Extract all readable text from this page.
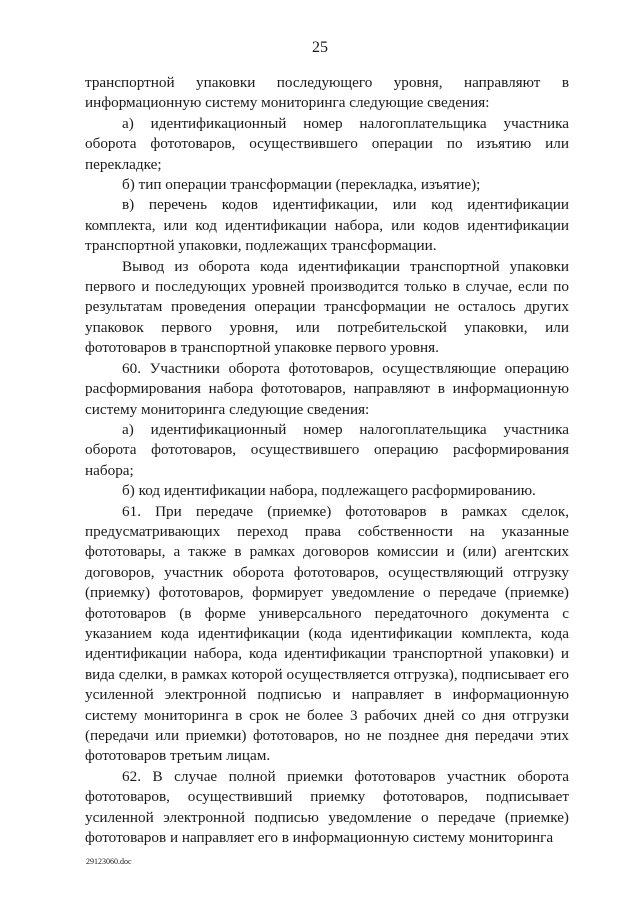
25

транспортной упаковки последующего уровня, направляют в информационную систему мониторинга следующие сведения:

а) идентификационный номер налогоплательщика участника оборота фототоваров, осуществившего операции по изъятию или перекладке;

б) тип операции трансформации (перекладка, изъятие);

в) перечень кодов идентификации, или код идентификации комплекта, или код идентификации набора, или кодов идентификации транспортной упаковки, подлежащих трансформации.

Вывод из оборота кода идентификации транспортной упаковки первого и последующих уровней производится только в случае, если по результатам проведения операции трансформации не осталось других упаковок первого уровня, или потребительской упаковки, или фототоваров в транспортной упаковке первого уровня.

60. Участники оборота фототоваров, осуществляющие операцию расформирования набора фототоваров, направляют в информационную систему мониторинга следующие сведения:

а) идентификационный номер налогоплательщика участника оборота фототоваров, осуществившего операцию расформирования набора;

б) код идентификации набора, подлежащего расформированию.

61. При передаче (приемке) фототоваров в рамках сделок, предусматривающих переход права собственности на указанные фототовары, а также в рамках договоров комиссии и (или) агентских договоров, участник оборота фототоваров, осуществляющий отгрузку (приемку) фототоваров, формирует уведомление о передаче (приемке) фототоваров (в форме универсального передаточного документа с указанием кода идентификации (кода идентификации комплекта, кода идентификации набора, кода идентификации транспортной упаковки) и вида сделки, в рамках которой осуществляется отгрузка), подписывает его усиленной электронной подписью и направляет в информационную систему мониторинга в срок не более 3 рабочих дней со дня отгрузки (передачи или приемки) фототоваров, но не позднее дня передачи этих фототоваров третьим лицам.

62. В случае полной приемки фототоваров участник оборота фототоваров, осуществивший приемку фототоваров, подписывает усиленной электронной подписью уведомление о передаче (приемке) фототоваров и направляет его в информационную систему мониторинга

29123060.doc
